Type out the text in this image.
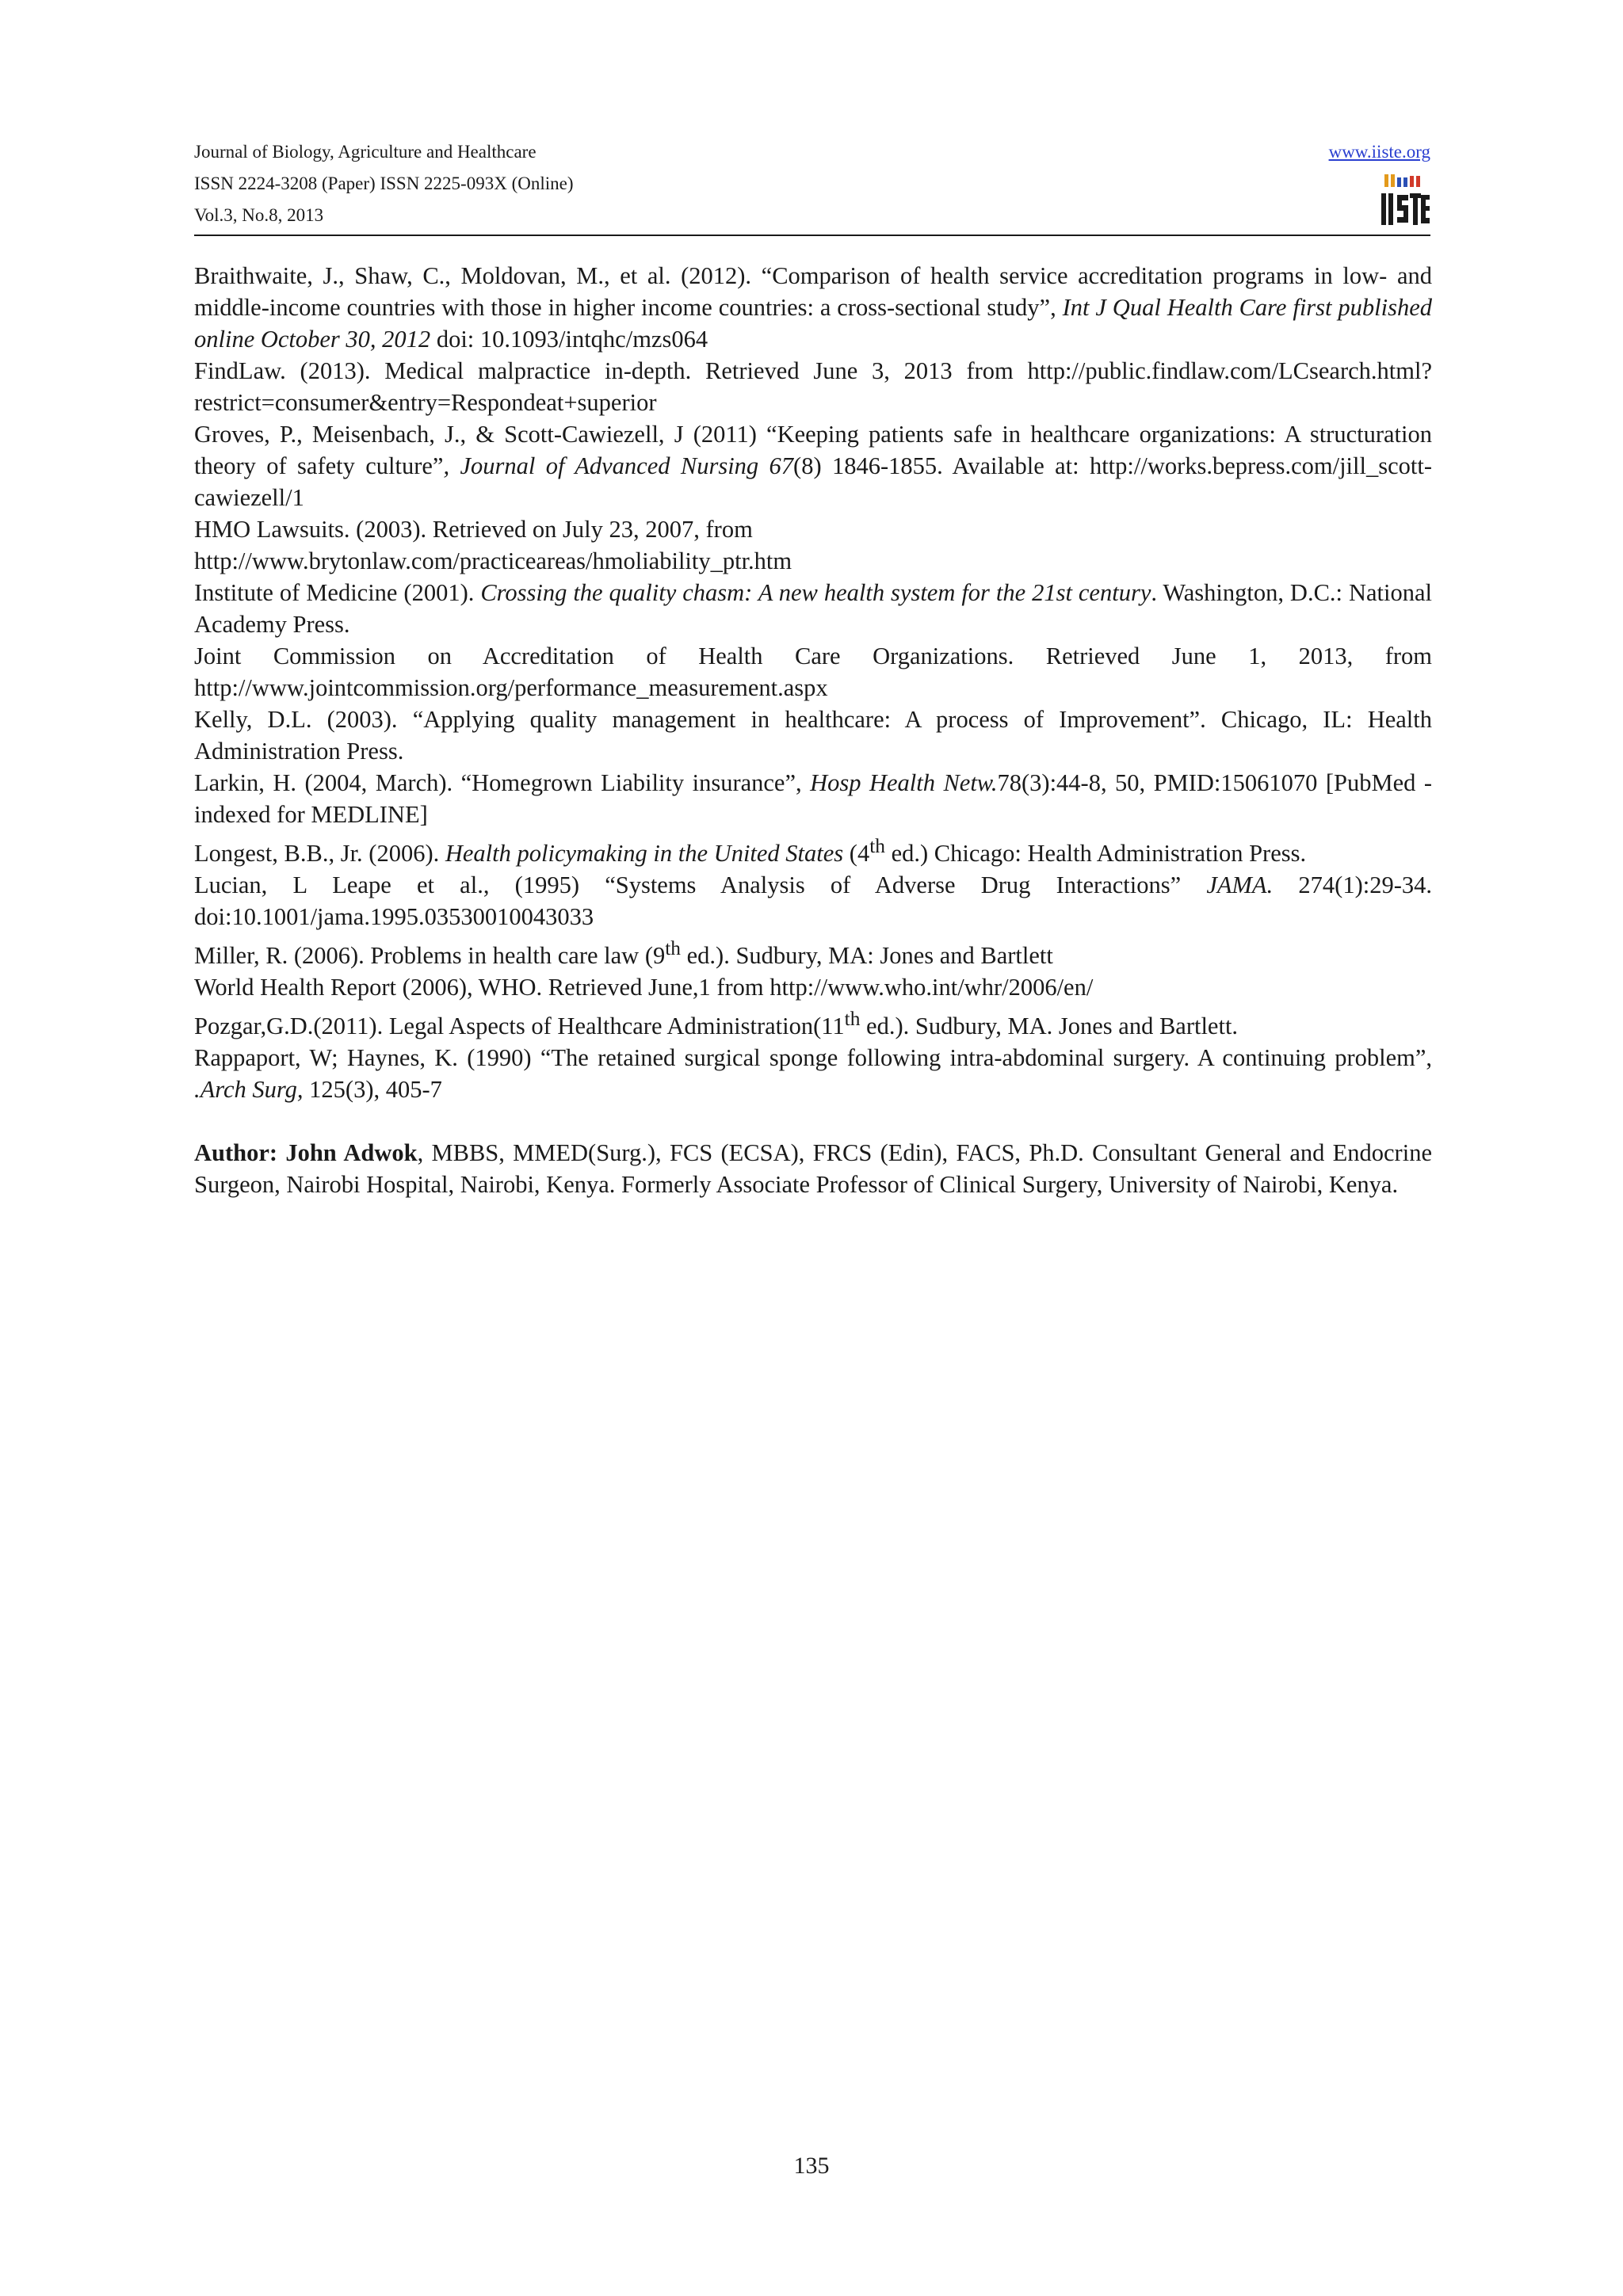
Journal of Biology, Agriculture and Healthcare
ISSN 2224-3208 (Paper) ISSN 2225-093X (Online)
Vol.3, No.8, 2013
www.iiste.org

Braithwaite, J., Shaw, C., Moldovan, M., et al. (2012). “Comparison of health service accreditation programs in low- and middle-income countries with those in higher income countries: a cross-sectional study”, Int J Qual Health Care first published online October 30, 2012 doi: 10.1093/intqhc/mzs064

FindLaw. (2013). Medical malpractice in-depth. Retrieved June 3, 2013 from http://public.findlaw.com/LCsearch.html?restrict=consumer&entry=Respondeat+superior

Groves, P., Meisenbach, J., & Scott-Cawiezell, J (2011) “Keeping patients safe in healthcare organizations: A structuration theory of safety culture”, Journal of Advanced Nursing 67(8) 1846-1855. Available at: http://works.bepress.com/jill_scott-cawiezell/1

HMO Lawsuits. (2003). Retrieved on July 23, 2007, from
http://www.brytonlaw.com/practiceareas/hmoliability_ptr.htm

Institute of Medicine (2001). Crossing the quality chasm: A new health system for the 21st century. Washington, D.C.: National Academy Press.

Joint Commission on Accreditation of Health Care Organizations. Retrieved June 1, 2013, from http://www.jointcommission.org/performance_measurement.aspx

Kelly, D.L. (2003). “Applying quality management in healthcare: A process of Improvement”. Chicago, IL: Health Administration Press.

Larkin, H. (2004, March). “Homegrown Liability insurance”, Hosp Health Netw.78(3):44-8, 50, PMID:15061070 [PubMed - indexed for MEDLINE]

Longest, B.B., Jr. (2006). Health policymaking in the United States (4th ed.) Chicago: Health Administration Press.

Lucian, L Leape et al., (1995) “Systems Analysis of Adverse Drug Interactions” JAMA. 274(1):29-34. doi:10.1001/jama.1995.03530010043033

Miller, R. (2006). Problems in health care law (9th ed.). Sudbury, MA: Jones and Bartlett

World Health Report (2006), WHO. Retrieved June,1 from http://www.who.int/whr/2006/en/

Pozgar,G.D.(2011). Legal Aspects of Healthcare Administration(11th ed.). Sudbury, MA. Jones and Bartlett.

Rappaport, W; Haynes, K. (1990) “The retained surgical sponge following intra-abdominal surgery. A continuing problem”, .Arch Surg, 125(3), 405-7

Author: John Adwok, MBBS, MMED(Surg.), FCS (ECSA), FRCS (Edin), FACS, Ph.D. Consultant General and Endocrine Surgeon, Nairobi Hospital, Nairobi, Kenya. Formerly Associate Professor of Clinical Surgery, University of Nairobi, Kenya.

135
